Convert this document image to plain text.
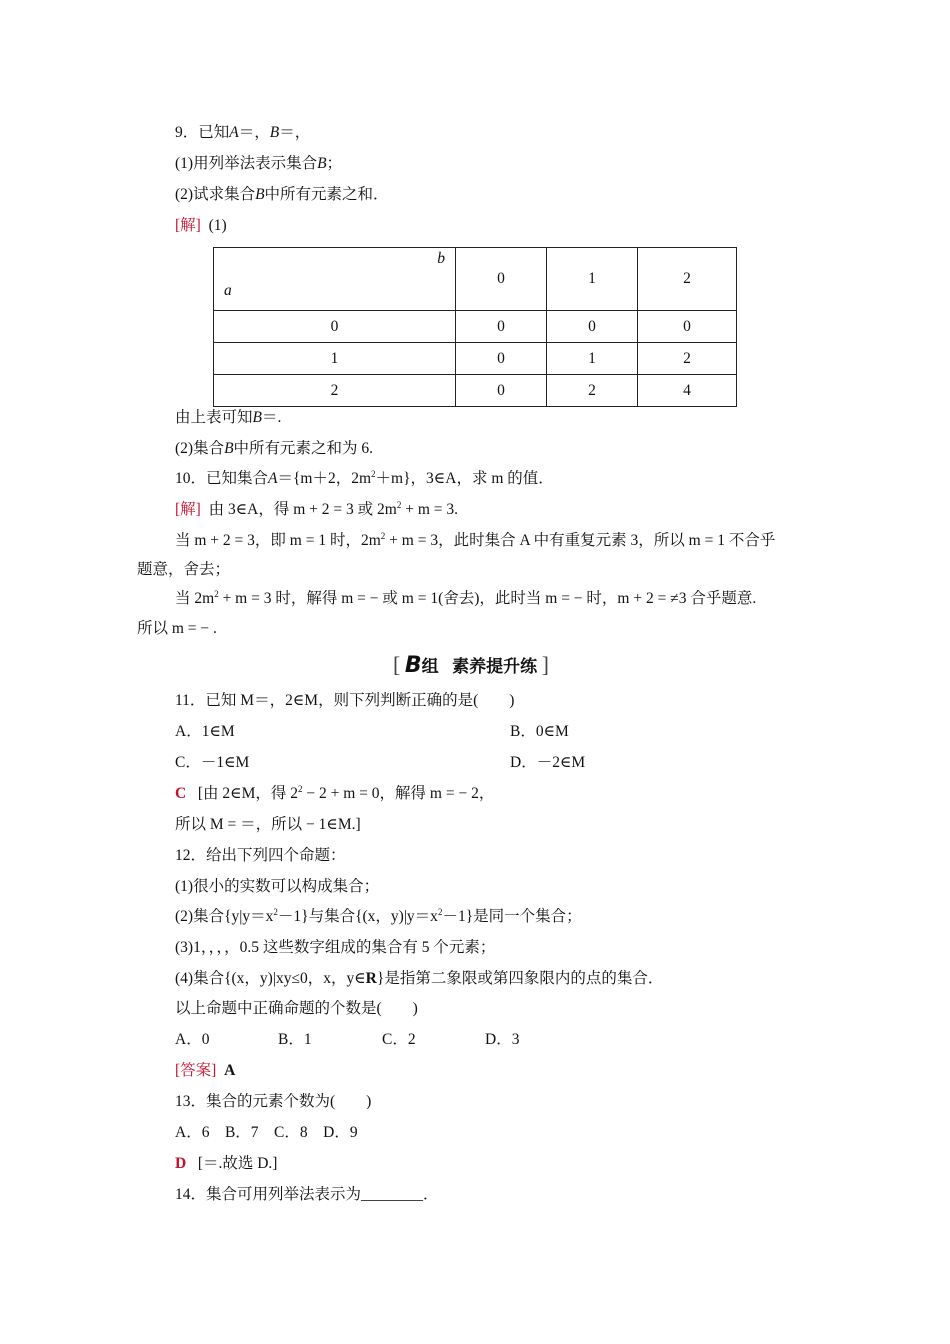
9．已知A＝，B＝，
(1)用列举法表示集合B；
(2)试求集合B中所有元素之和．
[解] (1)
b
a	0	1	2
0	0	0	0
1	0	1	2
2	0	2	4
由上表可知B＝.
(2)集合B中所有元素之和为 6.
10．已知集合A＝{m＋2，$2m^2+m$}，3∈A，求 m 的值．
[解] 由 3∈A，得 m + 2 = 3 或 $2m^2 + m = 3$.
当 m + 2 = 3，即 m = 1 时，$2m^2 + m = 3$，此时集合 A 中有重复元素 3，所以 m = 1 不合乎
题意，舍去；
当 $2m^2 + m = 3$ 时，解得 m = − 或 m = 1(舍去)，此时当 m = − 时，m + 2 = ≠3 合乎题意.
所以 m = − .
[ B组 素养提升练 ]
11．已知 M＝，2∈M，则下列判断正确的是(　　)
A．1∈M	B．0∈M
C．－1∈M	D．－2∈M
C [由 2∈M，得 $2^2 - 2 + m = 0$，解得 m = − 2，
所以 M = ＝，所以 − 1∈M.]
12．给出下列四个命题：
(1)很小的实数可以构成集合；
(2)集合$\{y|y=x^2-1\}$与集合{(x，$y)|y=x^2-1$}是同一个集合；
(3)1，，，，0.5 这些数字组成的集合有 5 个元素；
(4)集合{(x，y)|xy≤0，x，y∈R}是指第二象限或第四象限内的点的集合．
以上命题中正确命题的个数是(　　)
A．0	B．1	C．2	D．3
[答案] A
13．集合的元素个数为(　　)
A．6　B．7　C．8　D．9
D [＝.故选 D.]
14．集合可用列举法表示为________．
